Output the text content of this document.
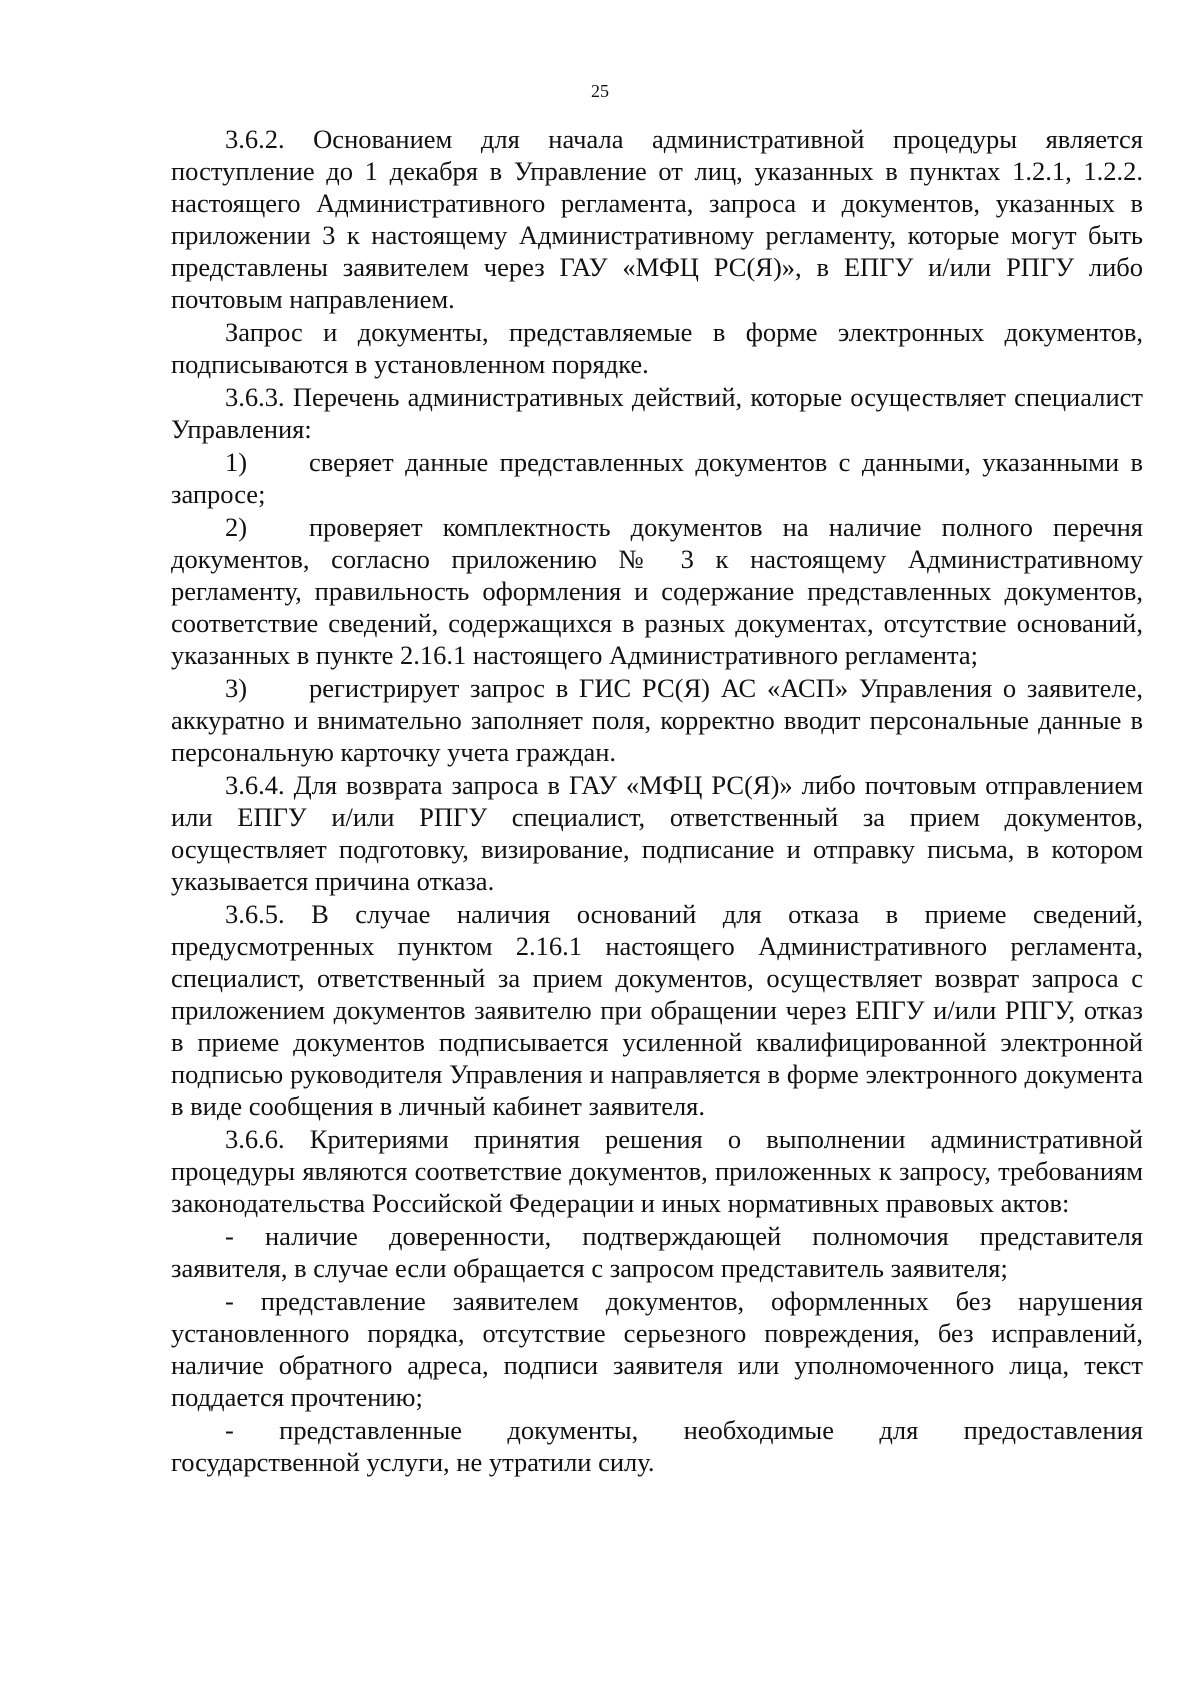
25

3.6.2. Основанием для начала административной процедуры является поступление до 1 декабря в Управление от лиц, указанных в пунктах 1.2.1, 1.2.2. настоящего Административного регламента, запроса и документов, указанных в приложении 3 к настоящему Административному регламенту, которые могут быть представлены заявителем через ГАУ «МФЦ РС(Я)», в ЕПГУ и/или РПГУ либо почтовым направлением.

Запрос и документы, представляемые в форме электронных документов, подписываются в установленном порядке.

3.6.3. Перечень административных действий, которые осуществляет специалист Управления:

1) сверяет данные представленных документов с данными, указанными в запросе;

2) проверяет комплектность документов на наличие полного перечня документов, согласно приложению № 3 к настоящему Административному регламенту, правильность оформления и содержание представленных документов, соответствие сведений, содержащихся в разных документах, отсутствие оснований, указанных в пункте 2.16.1 настоящего Административного регламента;

3) регистрирует запрос в ГИС РС(Я) АС «АСП» Управления о заявителе, аккуратно и внимательно заполняет поля, корректно вводит персональные данные в персональную карточку учета граждан.

3.6.4. Для возврата запроса в ГАУ «МФЦ РС(Я)» либо почтовым отправлением или ЕПГУ и/или РПГУ специалист, ответственный за прием документов, осуществляет подготовку, визирование, подписание и отправку письма, в котором указывается причина отказа.

3.6.5. В случае наличия оснований для отказа в приеме сведений, предусмотренных пунктом 2.16.1 настоящего Административного регламента, специалист, ответственный за прием документов, осуществляет возврат запроса с приложением документов заявителю при обращении через ЕПГУ и/или РПГУ, отказ в приеме документов подписывается усиленной квалифицированной электронной подписью руководителя Управления и направляется в форме электронного документа в виде сообщения в личный кабинет заявителя.

3.6.6. Критериями принятия решения о выполнении административной процедуры являются соответствие документов, приложенных к запросу, требованиям законодательства Российской Федерации и иных нормативных правовых актов:

- наличие доверенности, подтверждающей полномочия представителя заявителя, в случае если обращается с запросом представитель заявителя;

- представление заявителем документов, оформленных без нарушения установленного порядка, отсутствие серьезного повреждения, без исправлений, наличие обратного адреса, подписи заявителя или уполномоченного лица, текст поддается прочтению;

- представленные документы, необходимые для предоставления государственной услуги, не утратили силу.
